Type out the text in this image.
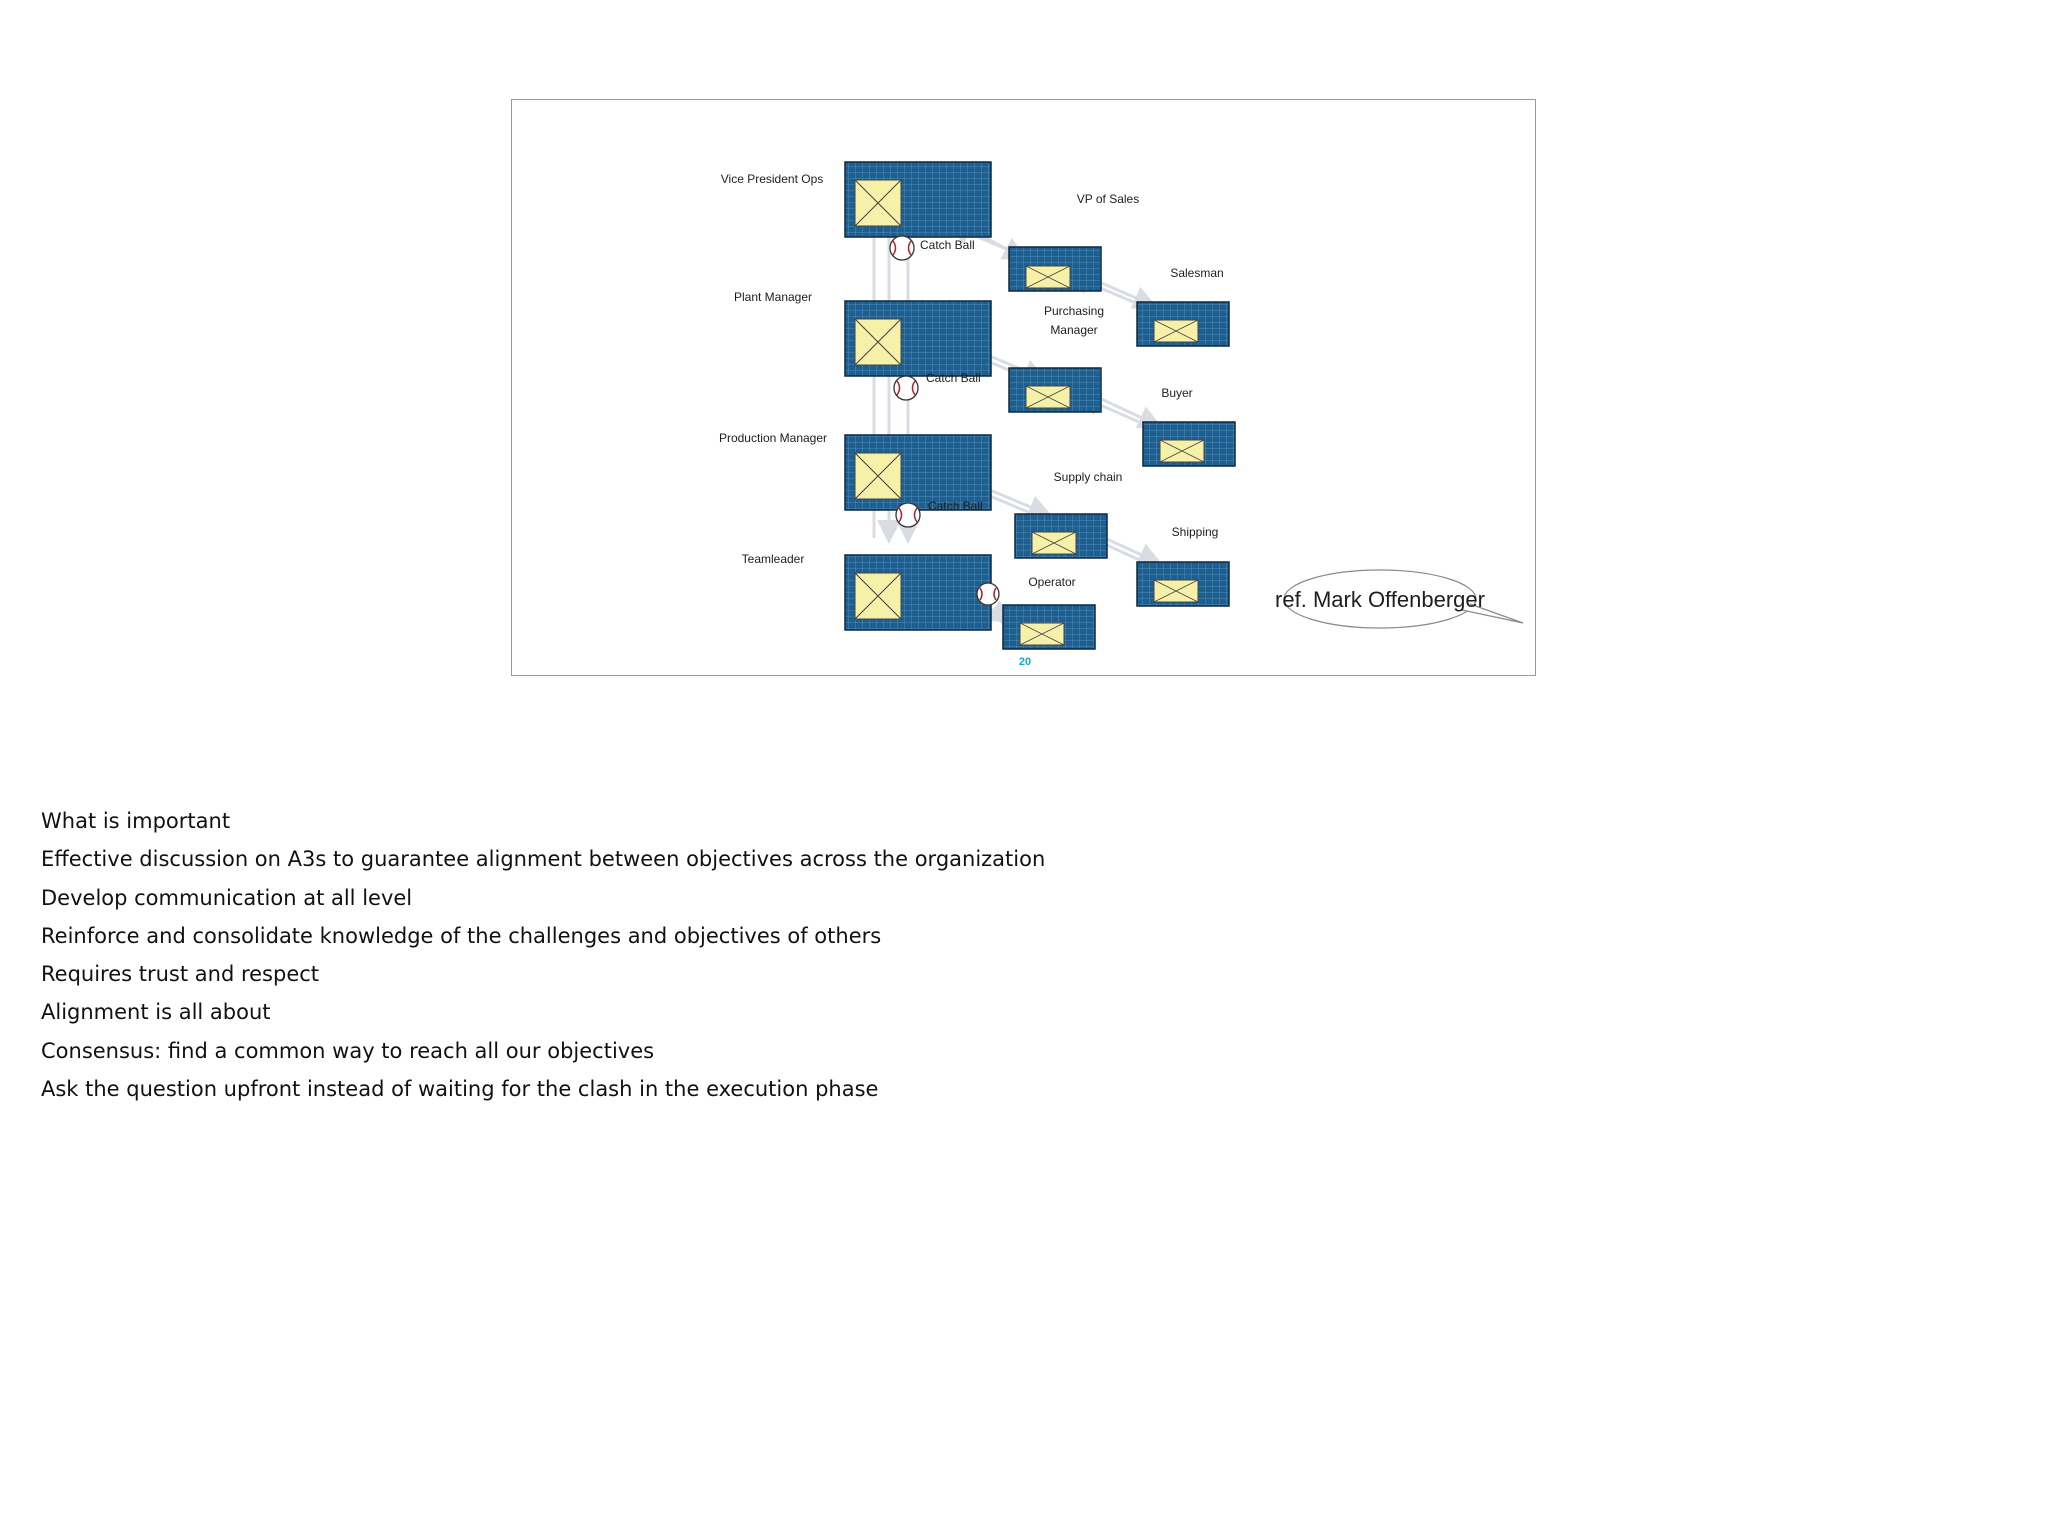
Vice President Ops
Plant Manager
Production Manager
Teamleader
VP of Sales
Salesman
Purchasing
Manager
Buyer
Supply chain
Shipping
Operator
Catch Ball
Catch Ball
Catch Ball
ref. Mark Offenberger
20
What is important
Effective discussion on A3s to guarantee alignment between objectives across the organization
Develop communication at all level
Reinforce and consolidate knowledge of the challenges and objectives of others
Requires trust and respect
Alignment is all about
Consensus: find a common way to reach all our objectives
Ask the question upfront instead of waiting for the clash in the execution phase
